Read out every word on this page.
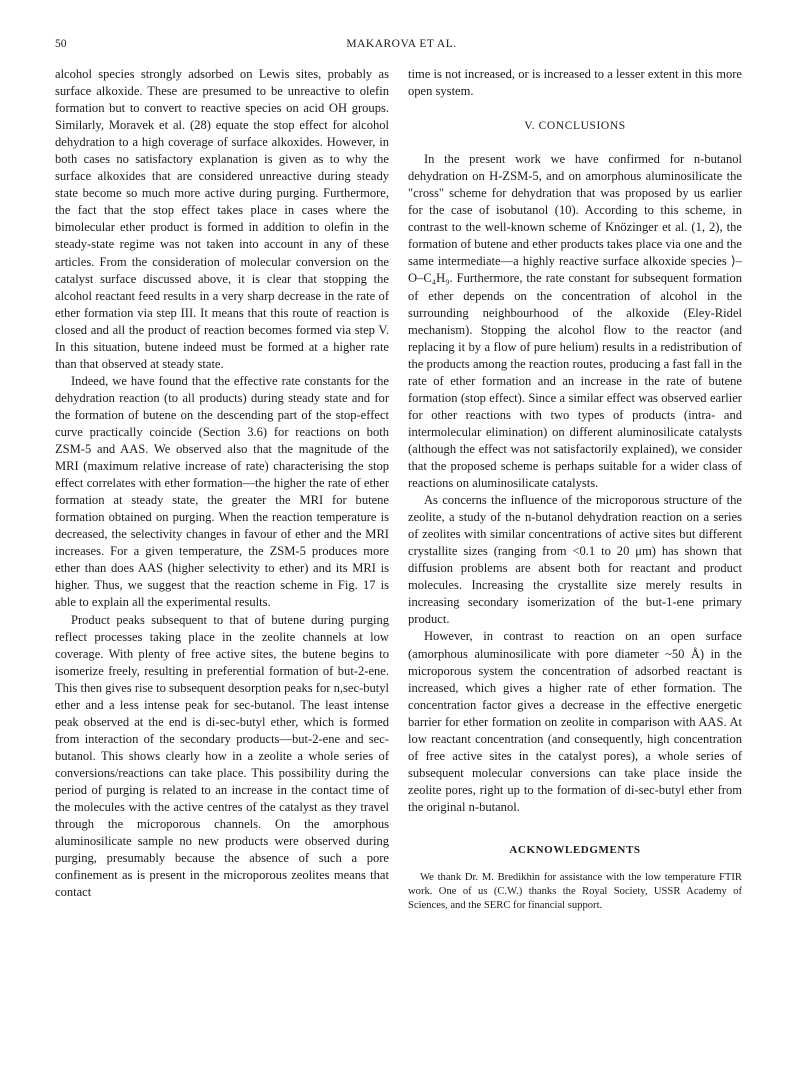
50	MAKAROVA ET AL.

alcohol species strongly adsorbed on Lewis sites, probably as surface alkoxide. These are presumed to be unreactive to olefin formation but to convert to reactive species on acid OH groups. Similarly, Moravek et al. (28) equate the stop effect for alcohol dehydration to a high coverage of surface alkoxides. However, in both cases no satisfactory explanation is given as to why the surface alkoxides that are considered unreactive during steady state become so much more active during purging. Furthermore, the fact that the stop effect takes place in cases where the bimolecular ether product is formed in addition to olefin in the steady-state regime was not taken into account in any of these articles. From the consideration of molecular conversion on the catalyst surface discussed above, it is clear that stopping the alcohol reactant feed results in a very sharp decrease in the rate of ether formation via step III. It means that this route of reaction is closed and all the product of reaction becomes formed via step V. In this situation, butene indeed must be formed at a higher rate than that observed at steady state.

Indeed, we have found that the effective rate constants for the dehydration reaction (to all products) during steady state and for the formation of butene on the descending part of the stop-effect curve practically coincide (Section 3.6) for reactions on both ZSM-5 and AAS. We observed also that the magnitude of the MRI (maximum relative increase of rate) characterising the stop effect correlates with ether formation—the higher the rate of ether formation at steady state, the greater the MRI for butene formation obtained on purging. When the reaction temperature is decreased, the selectivity changes in favour of ether and the MRI increases. For a given temperature, the ZSM-5 produces more ether than does AAS (higher selectivity to ether) and its MRI is higher. Thus, we suggest that the reaction scheme in Fig. 17 is able to explain all the experimental results.

Product peaks subsequent to that of butene during purging reflect processes taking place in the zeolite channels at low coverage. With plenty of free active sites, the butene begins to isomerize freely, resulting in preferential formation of but-2-ene. This then gives rise to subsequent desorption peaks for n,sec-butyl ether and a less intense peak for sec-butanol. The least intense peak observed at the end is di-sec-butyl ether, which is formed from interaction of the secondary products—but-2-ene and sec-butanol. This shows clearly how in a zeolite a whole series of conversions/reactions can take place. This possibility during the period of purging is related to an increase in the contact time of the molecules with the active centres of the catalyst as they travel through the microporous channels. On the amorphous aluminosilicate sample no new products were observed during purging, presumably because the absence of such a pore confinement as is present in the microporous zeolites means that contact

time is not increased, or is increased to a lesser extent in this more open system.

V. CONCLUSIONS

In the present work we have confirmed for n-butanol dehydration on H-ZSM-5, and on amorphous aluminosilicate the "cross" scheme for dehydration that was proposed by us earlier for the case of isobutanol (10). According to this scheme, in contrast to the well-known scheme of Knözinger et al. (1, 2), the formation of butene and ether products takes place via one and the same intermediate—a highly reactive surface alkoxide species ⟩–O–C₄H₉. Furthermore, the rate constant for subsequent formation of ether depends on the concentration of alcohol in the surrounding neighbourhood of the alkoxide (Eley-Ridel mechanism). Stopping the alcohol flow to the reactor (and replacing it by a flow of pure helium) results in a redistribution of the products among the reaction routes, producing a fast fall in the rate of ether formation and an increase in the rate of butene formation (stop effect). Since a similar effect was observed earlier for other reactions with two types of products (intra- and intermolecular elimination) on different aluminosilicate catalysts (although the effect was not satisfactorily explained), we consider that the proposed scheme is perhaps suitable for a wider class of reactions on aluminosilicate catalysts.

As concerns the influence of the microporous structure of the zeolite, a study of the n-butanol dehydration reaction on a series of zeolites with similar concentrations of active sites but different crystallite sizes (ranging from <0.1 to 20 μm) has shown that diffusion problems are absent both for reactant and product molecules. Increasing the crystallite size merely results in increasing secondary isomerization of the but-1-ene primary product.

However, in contrast to reaction on an open surface (amorphous aluminosilicate with pore diameter ~50 Å) in the microporous system the concentration of adsorbed reactant is increased, which gives a higher rate of ether formation. The concentration factor gives a decrease in the effective energetic barrier for ether formation on zeolite in comparison with AAS. At low reactant concentration (and consequently, high concentration of free active sites in the catalyst pores), a whole series of subsequent molecular conversions can take place inside the zeolite pores, right up to the formation of di-sec-butyl ether from the original n-butanol.

ACKNOWLEDGMENTS

We thank Dr. M. Bredikhin for assistance with the low temperature FTIR work. One of us (C.W.) thanks the Royal Society, USSR Academy of Sciences, and the SERC for financial support.
